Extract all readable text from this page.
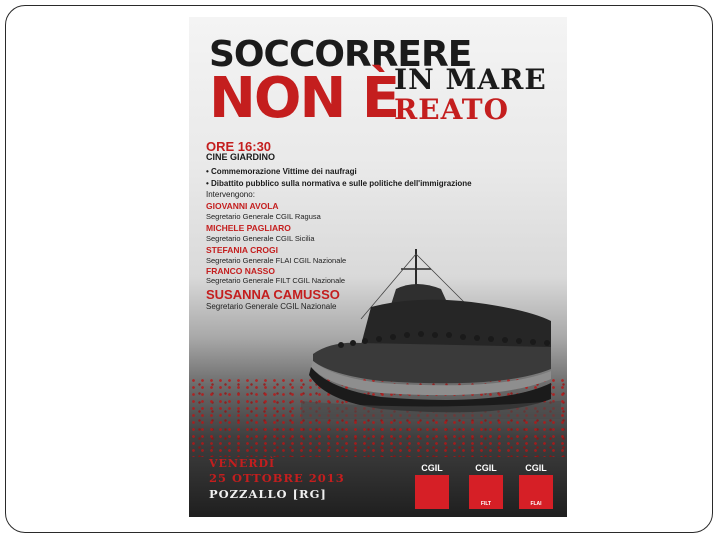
SOCCORRERE
NON È
IN MARE
REATO
ORE 16:30
CINE GIARDINO
• Commemorazione Vittime dei naufragi
• Dibattito pubblico sulla normativa e sulle politiche dell'immigrazione
Intervengono:
GIOVANNI AVOLA
Segretario Generale CGIL Ragusa
MICHELE PAGLIARO
Segretario Generale CGIL Sicilia
STEFANIA CROGI
Segretario Generale FLAI CGIL Nazionale
FRANCO NASSO
Segretario Generale FILT CGIL Nazionale
SUSANNA CAMUSSO
Segretario Generale CGIL Nazionale
VENERDÌ
25 OTTOBRE 2013
POZZALLO [RG]
CGIL	CGIL
FILT
CGIL
FLAI
